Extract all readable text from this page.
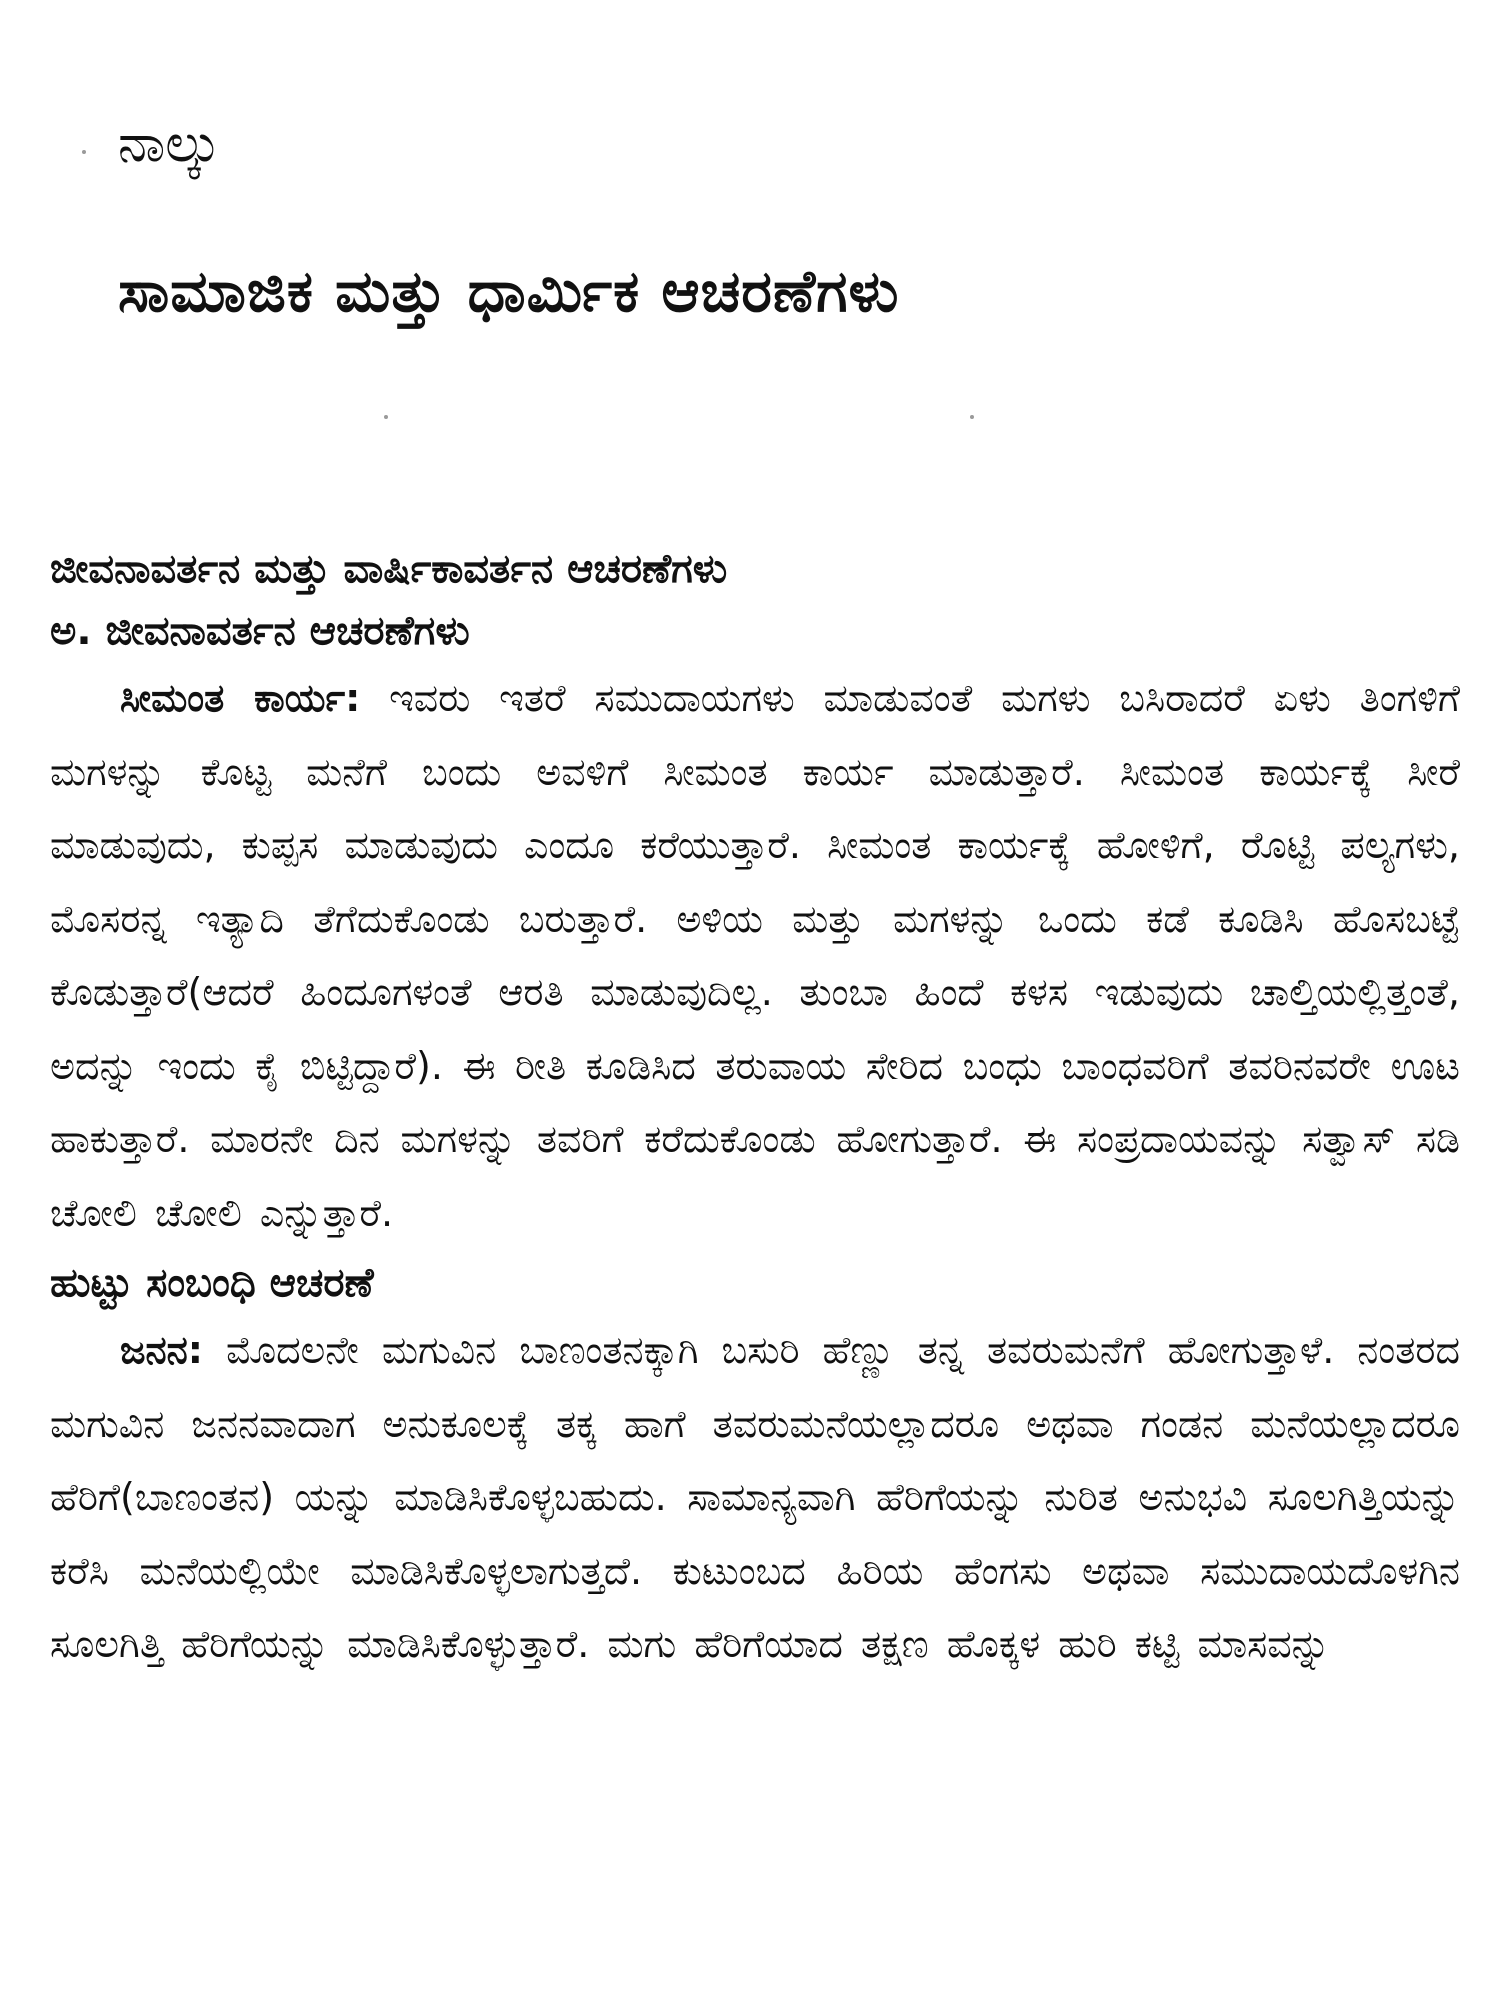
ನಾಲ್ಕು
ಸಾಮಾಜಿಕ ಮತ್ತು ಧಾರ್ಮಿಕ ಆಚರಣೆಗಳು

ಜೀವನಾವರ್ತನ ಮತ್ತು ವಾರ್ಷಿಕಾವರ್ತನ ಆಚರಣೆಗಳು

ಅ. ಜೀವನಾವರ್ತನ ಆಚರಣೆಗಳು

ಸೀಮಂತ ಕಾರ್ಯ: ಇವರು ಇತರೆ ಸಮುದಾಯಗಳು ಮಾಡುವಂತೆ ಮಗಳು ಬಸಿರಾದರೆ ಏಳು ತಿಂಗಳಿಗೆ ಮಗಳನ್ನು ಕೊಟ್ಟ ಮನೆಗೆ ಬಂದು ಅವಳಿಗೆ ಸೀಮಂತ ಕಾರ್ಯ ಮಾಡುತ್ತಾರೆ. ಸೀಮಂತ ಕಾರ್ಯಕ್ಕೆ ಸೀರೆ ಮಾಡುವುದು, ಕುಪ್ಪಸ ಮಾಡುವುದು ಎಂದೂ ಕರೆಯುತ್ತಾರೆ. ಸೀಮಂತ ಕಾರ್ಯಕ್ಕೆ ಹೋಳಿಗೆ, ರೊಟ್ಟಿ ಪಲ್ಯಗಳು, ಮೊಸರನ್ನ ಇತ್ಯಾದಿ ತೆಗೆದುಕೊಂಡು ಬರುತ್ತಾರೆ. ಅಳಿಯ ಮತ್ತು ಮಗಳನ್ನು ಒಂದು ಕಡೆ ಕೂಡಿಸಿ ಹೊಸಬಟ್ಟೆ ಕೊಡುತ್ತಾರೆ(ಆದರೆ ಹಿಂದೂಗಳಂತೆ ಆರತಿ ಮಾಡುವುದಿಲ್ಲ. ತುಂಬಾ ಹಿಂದೆ ಕಳಸ ಇಡುವುದು ಚಾಲ್ತಿಯಲ್ಲಿತ್ತಂತೆ, ಅದನ್ನು ಇಂದು ಕೈ ಬಿಟ್ಟಿದ್ದಾರೆ). ಈ ರೀತಿ ಕೂಡಿಸಿದ ತರುವಾಯ ಸೇರಿದ ಬಂಧು ಬಾಂಧವರಿಗೆ ತವರಿನವರೇ ಊಟ ಹಾಕುತ್ತಾರೆ. ಮಾರನೇ ದಿನ ಮಗಳನ್ನು ತವರಿಗೆ ಕರೆದುಕೊಂಡು ಹೋಗುತ್ತಾರೆ. ಈ ಸಂಪ್ರದಾಯವನ್ನು ಸತ್ವಾಸ್ ಸಡಿ ಚೋಲಿ ಚೋಲಿ ಎನ್ನುತ್ತಾರೆ.

ಹುಟ್ಟು ಸಂಬಂಧಿ ಆಚರಣೆ

ಜನನ: ಮೊದಲನೇ ಮಗುವಿನ ಬಾಣಂತನಕ್ಕಾಗಿ ಬಸುರಿ ಹೆಣ್ಣು ತನ್ನ ತವರುಮನೆಗೆ ಹೋಗುತ್ತಾಳೆ. ನಂತರದ ಮಗುವಿನ ಜನನವಾದಾಗ ಅನುಕೂಲಕ್ಕೆ ತಕ್ಕ ಹಾಗೆ ತವರುಮನೆಯಲ್ಲಾದರೂ ಅಥವಾ ಗಂಡನ ಮನೆಯಲ್ಲಾದರೂ ಹೆರಿಗೆ(ಬಾಣಂತನ) ಯನ್ನು ಮಾಡಿಸಿಕೊಳ್ಳಬಹುದು. ಸಾಮಾನ್ಯವಾಗಿ ಹೆರಿಗೆಯನ್ನು ನುರಿತ ಅನುಭವಿ ಸೂಲಗಿತ್ತಿಯನ್ನು ಕರೆಸಿ ಮನೆಯಲ್ಲಿಯೇ ಮಾಡಿಸಿಕೊಳ್ಳಲಾಗುತ್ತದೆ. ಕುಟುಂಬದ ಹಿರಿಯ ಹೆಂಗಸು ಅಥವಾ ಸಮುದಾಯದೊಳಗಿನ ಸೂಲಗಿತ್ತಿ ಹೆರಿಗೆಯನ್ನು ಮಾಡಿಸಿಕೊಳ್ಳುತ್ತಾರೆ. ಮಗು ಹೆರಿಗೆಯಾದ ತಕ್ಷಣ ಹೊಕ್ಕಳ ಹುರಿ ಕಟ್ಟಿ ಮಾಸವನ್ನು
